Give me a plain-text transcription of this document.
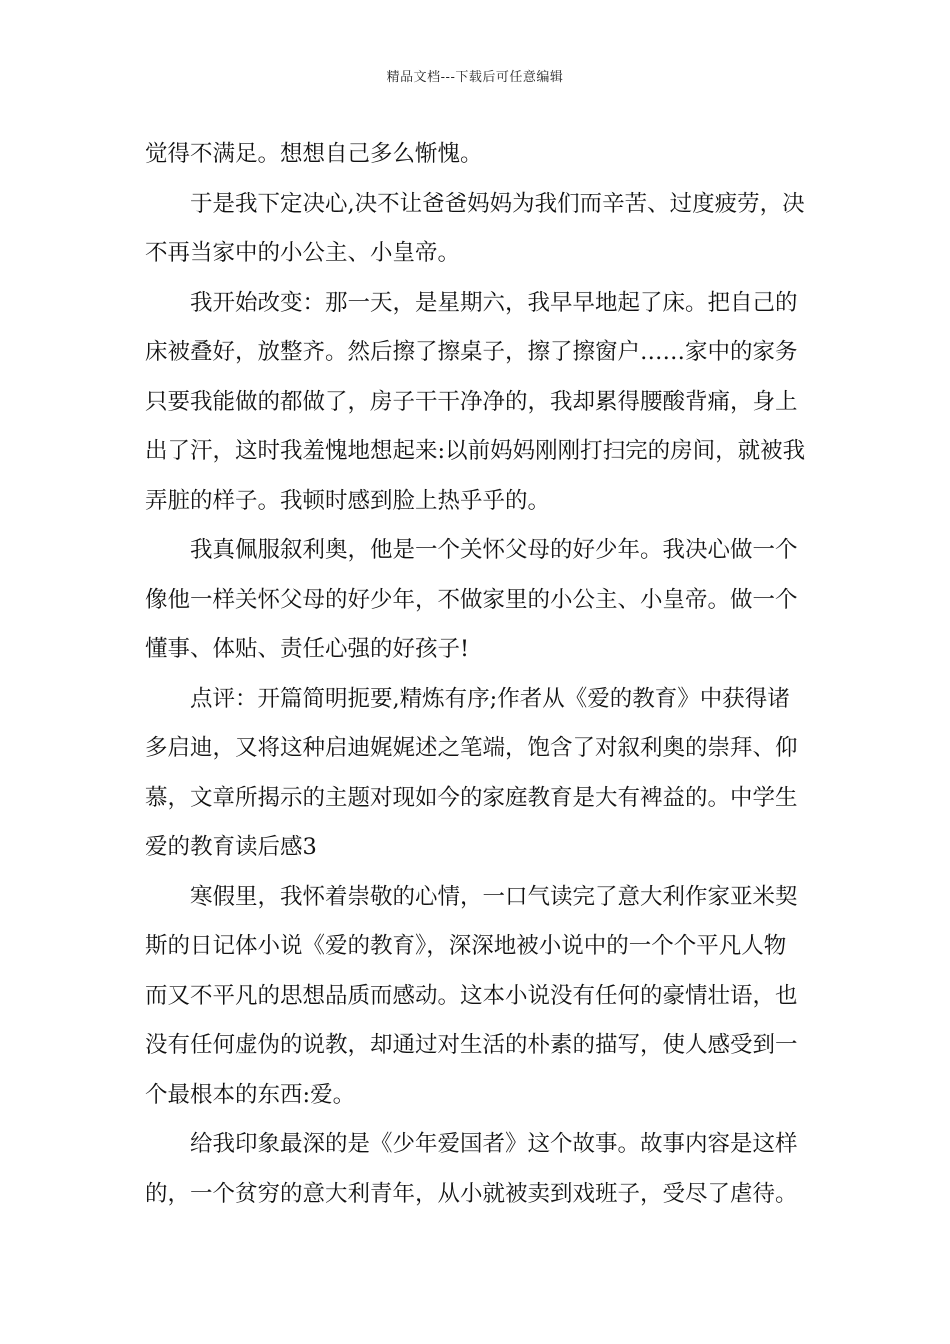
精品文档---下载后可任意编辑
觉得不满足。想想自己多么惭愧。
于是我下定决心,决不让爸爸妈妈为我们而辛苦、过度疲劳，决
不再当家中的小公主、小皇帝。
我开始改变：那一天，是星期六，我早早地起了床。把自己的
床被叠好，放整齐。然后擦了擦桌子，擦了擦窗户……家中的家务
只要我能做的都做了，房子干干净净的，我却累得腰酸背痛，身上
出了汗，这时我羞愧地想起来:以前妈妈刚刚打扫完的房间，就被我
弄脏的样子。我顿时感到脸上热乎乎的。
我真佩服叙利奥，他是一个关怀父母的好少年。我决心做一个
像他一样关怀父母的好少年，不做家里的小公主、小皇帝。做一个
懂事、体贴、责任心强的好孩子!
点评：开篇简明扼要,精炼有序;作者从《爱的教育》中获得诸
多启迪，又将这种启迪娓娓述之笔端，饱含了对叙利奥的崇拜、仰
慕，文章所揭示的主题对现如今的家庭教育是大有裨益的。中学生
爱的教育读后感3
寒假里，我怀着崇敬的心情，一口气读完了意大利作家亚米契
斯的日记体小说《爱的教育》，深深地被小说中的一个个平凡人物
而又不平凡的思想品质而感动。这本小说没有任何的豪情壮语，也
没有任何虚伪的说教，却通过对生活的朴素的描写，使人感受到一
个最根本的东西:爱。
给我印象最深的是《少年爱国者》这个故事。故事内容是这样
的，一个贫穷的意大利青年，从小就被卖到戏班子，受尽了虐待。
